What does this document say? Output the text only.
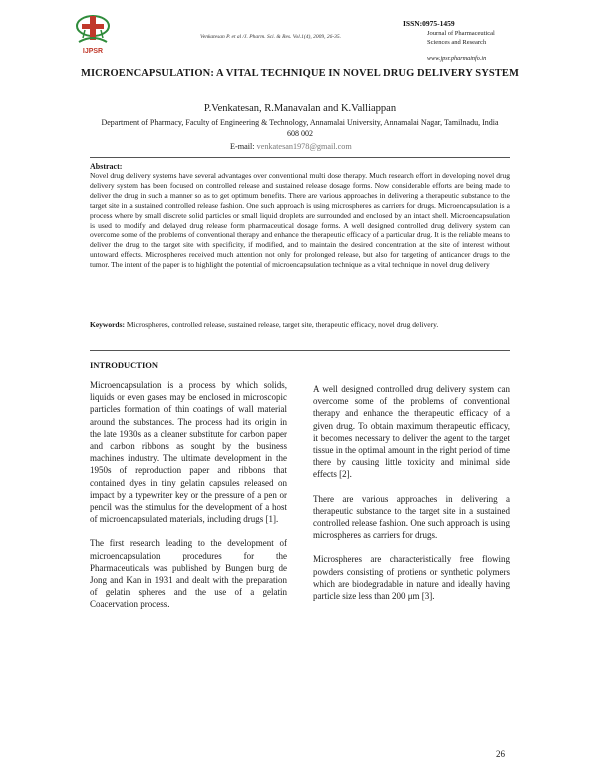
IJPSR
Venkatesan P. et al /J. Pharm. Sci. & Res. Vol.1(4), 2009, 26-35.
ISSN:0975-1459
Journal of Pharmaceutical Sciences and Research
www.jpsr.pharmainfo.in
MICROENCAPSULATION: A VITAL TECHNIQUE IN NOVEL DRUG DELIVERY SYSTEM
P.Venkatesan, R.Manavalan and K.Valliappan
Department of Pharmacy, Faculty of Engineering & Technology, Annamalai University, Annamalai Nagar, Tamilnadu, India 608 002
E-mail: venkatesan1978@gmail.com
Abstract:
Novel drug delivery systems have several advantages over conventional multi dose therapy. Much research effort in developing novel drug delivery system has been focused on controlled release and sustained release dosage forms. Now considerable efforts are being made to deliver the drug in such a manner so as to get optimum benefits. There are various approaches in delivering a therapeutic substance to the target site in a sustained controlled release fashion. One such approach is using microspheres as carriers for drugs. Microencapsulation is a process where by small discrete solid particles or small liquid droplets are surrounded and enclosed by an intact shell. Microencapsulation is used to modify and delayed drug release form pharmaceutical dosage forms. A well designed controlled drug delivery system can overcome some of the problems of conventional therapy and enhance the therapeutic efficacy of a particular drug. It is the reliable means to deliver the drug to the target site with specificity, if modified, and to maintain the desired concentration at the site of interest without untoward effects. Microspheres received much attention not only for prolonged release, but also for targeting of anticancer drugs to the tumor. The intent of the paper is to highlight the potential of microencapsulation technique as a vital technique in novel drug delivery
Keywords: Microspheres, controlled release, sustained release, target site, therapeutic efficacy, novel drug delivery.
INTRODUCTION

Microencapsulation is a process by which solids, liquids or even gases may be enclosed in microscopic particles formation of thin coatings of wall material around the substances. The process had its origin in the late 1930s as a cleaner substitute for carbon paper and carbon ribbons as sought by the business machines industry. The ultimate development in the 1950s of reproduction paper and ribbons that contained dyes in tiny gelatin capsules released on impact by a typewriter key or the pressure of a pen or pencil was the stimulus for the development of a host of microencapsulated materials, including drugs [1].

The first research leading to the development of microencapsulation procedures for the Pharmaceuticals was published by Bungen burg de Jong and Kan in 1931 and dealt with the preparation of gelatin spheres and the use of a gelatin Coacervation process.

A well designed controlled drug delivery system can overcome some of the problems of conventional therapy and enhance the therapeutic efficacy of a given drug. To obtain maximum therapeutic efficacy, it becomes necessary to deliver the agent to the target tissue in the optimal amount in the right period of time there by causing little toxicity and minimal side effects [2].

There are various approaches in delivering a therapeutic substance to the target site in a sustained controlled release fashion. One such approach is using microspheres as carriers for drugs.

Microspheres are characteristically free flowing powders consisting of protiens or synthetic polymers which are biodegradable in nature and ideally having particle size less than 200 μm [3].

26
